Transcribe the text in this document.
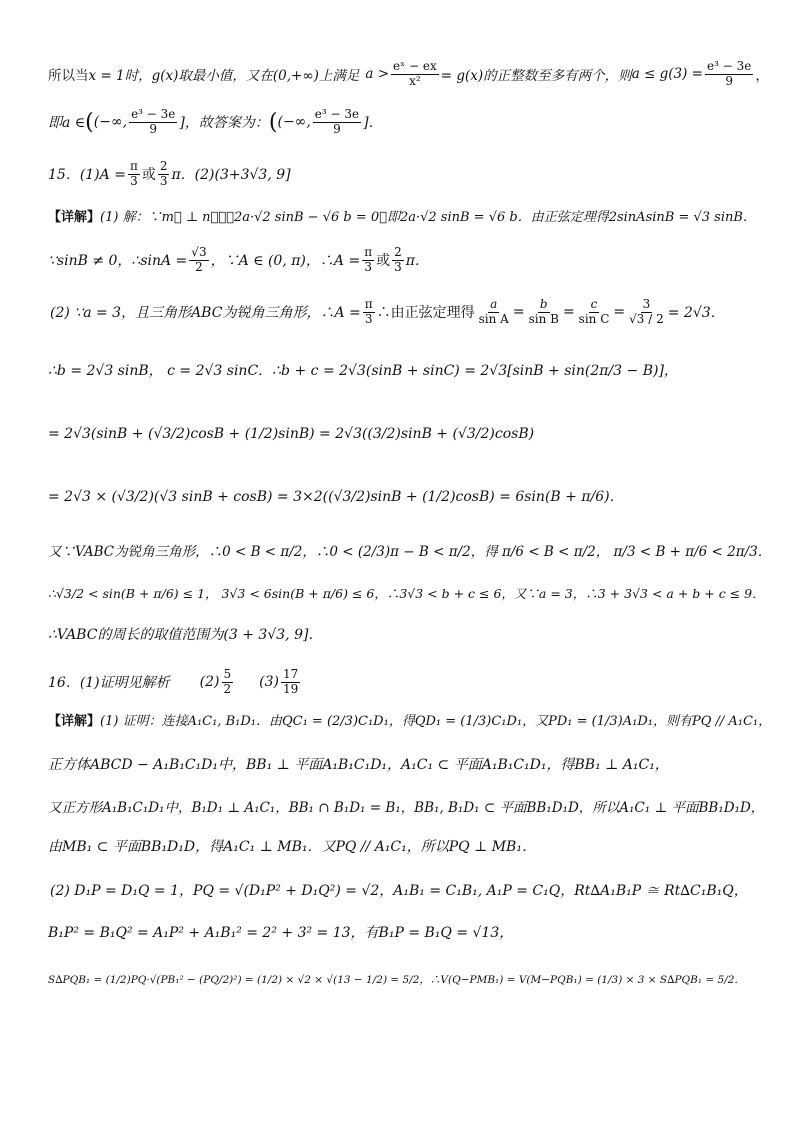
所以当 x = 1时， g(x)取最小值，又在(0,+∞)上满足 $a > \frac{\text{eˣ − ex}}{\text{x²}} = g(x)$的正整数至多有两个，则 $a \le g(3) = \frac{\text{e³ − 3e}}{9}$ ，
即a ∈ ( (−∞, $\frac{\text{e³ − 3e}}{9}$ ]，故答案为： ( (−∞, $\frac{\text{e³ − 3e}}{9}$ ]．
15．$(1)A = \frac{\pi}{3}$ 或 $\frac{2}{3}$ π．(2)(3+3√3, 9]
【详解】 (1) 解：∵m⃗ ⊥ n⃗，∴2a·√2 sinB − √6 b = 0，即2a·√2 sinB = √6 b．由正弦定理得2sinAsinB = √3 sinB．
∵sinB ≠ 0，∴sinA = $\frac{√3}{2}$ ，∵A ∈ (0, π)，∴A = $\frac{\pi}{3}$ 或 $\frac{2}{3}$ π．
(2) ∵a = 3，且三角形ABC为锐角三角形，∴A = $\frac{\pi}{3}$ ∴由正弦定理得 $\frac{a}{\text{sin A}} = \frac{b}{\text{sin B}} = \frac{c}{\text{sin C}} = \frac{3}{√3 / 2} = 2√3$．
∴b = 2√3 sinB， c = 2√3 sinC．∴b + c = 2√3(sinB + sinC) = 2√3[sinB + sin(2π/3 − B)]，
= 2√3(sinB + (√3/2)cosB + (1/2)sinB) = 2√3((3/2)sinB + (√3/2)cosB)
= 2√3 × (√3/2)(√3 sinB + cosB) = 3×2((√3/2)sinB + (1/2)cosB) = 6sin(B + π/6)．
又∵VABC为锐角三角形，∴0 < B < π/2，∴0 < (2/3)π − B < π/2，得 π/6 < B < π/2， π/3 < B + π/6 < 2π/3．
∴√3/2 < sin(B + π/6) ≤ 1， 3√3 < 6sin(B + π/6) ≤ 6，∴3√3 < b + c ≤ 6，又∵a = 3，∴3 + 3√3 < a + b + c ≤ 9．
∴VABC的周长的取值范围为(3 + 3√3, 9]．
16．(1)证明见解析 $(2) \frac{5}{2} (3) \frac{17}{19}$
【详解】 (1) 证明：连接A₁C₁, B₁D₁．由QC₁ = (2/3)C₁D₁，得QD₁ = (1/3)C₁D₁，又PD₁ = (1/3)A₁D₁，则有PQ // A₁C₁，
正方体ABCD − A₁B₁C₁D₁中，BB₁ ⊥ 平面A₁B₁C₁D₁，A₁C₁ ⊂ 平面A₁B₁C₁D₁，得BB₁ ⊥ A₁C₁，
又正方形A₁B₁C₁D₁中，B₁D₁ ⊥ A₁C₁，BB₁ ∩ B₁D₁ = B₁，BB₁, B₁D₁ ⊂ 平面BB₁D₁D，所以A₁C₁ ⊥ 平面BB₁D₁D，
由MB₁ ⊂ 平面BB₁D₁D，得A₁C₁ ⊥ MB₁．又PQ // A₁C₁，所以PQ ⊥ MB₁．
(2) D₁P = D₁Q = 1，PQ = √(D₁P² + D₁Q²) = √2，A₁B₁ = C₁B₁, A₁P = C₁Q，Rt∆A₁B₁P ≅ Rt∆C₁B₁Q，
B₁P² = B₁Q² = A₁P² + A₁B₁² = 2² + 3² = 13，有B₁P = B₁Q = √13，
S∆PQB₁ = (1/2)PQ·√(PB₁² − (PQ/2)²) = (1/2) × √2 × √(13 − 1/2) = 5/2，∴V(Q−PMB₁) = V(M−PQB₁) = (1/3) × 3 × S∆PQB₁ = 5/2．
